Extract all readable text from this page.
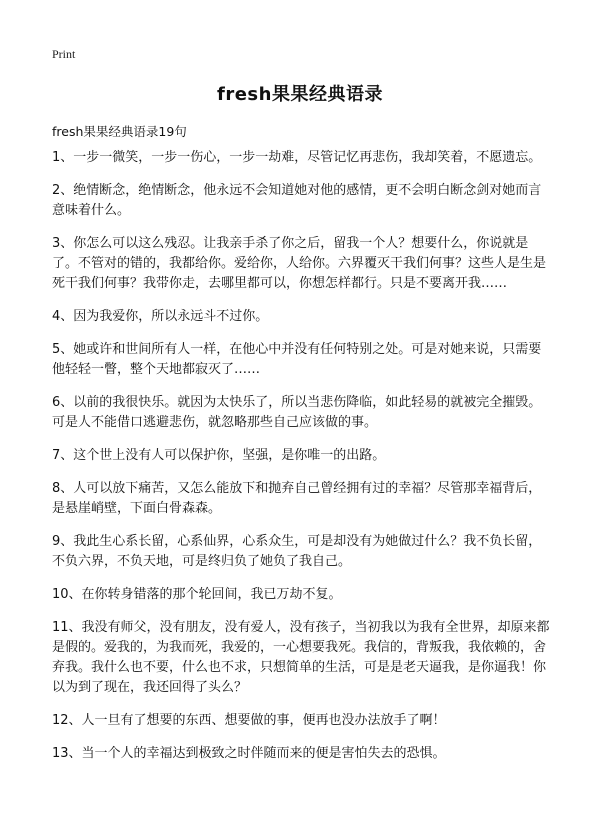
Print
fresh果果经典语录
fresh果果经典语录19句
1、一步一微笑，一步一伤心，一步一劫难，尽管记忆再悲伤，我却笑着，不愿遗忘。
2、绝情断念，绝情断念，他永远不会知道她对他的感情，更不会明白断念剑对她而言意味着什么。
3、你怎么可以这么残忍。让我亲手杀了你之后，留我一个人？想要什么，你说就是了。不管对的错的，我都给你。爱给你，人给你。六界覆灭干我们何事？这些人是生是死干我们何事？我带你走，去哪里都可以，你想怎样都行。只是不要离开我……
4、因为我爱你，所以永远斗不过你。
5、她或许和世间所有人一样，在他心中并没有任何特别之处。可是对她来说，只需要他轻轻一瞥，整个天地都寂灭了……
6、以前的我很快乐。就因为太快乐了，所以当悲伤降临，如此轻易的就被完全摧毁。可是人不能借口逃避悲伤，就忽略那些自己应该做的事。
7、这个世上没有人可以保护你，坚强，是你唯一的出路。
8、人可以放下痛苦，又怎么能放下和抛弃自己曾经拥有过的幸福？尽管那幸福背后，是悬崖峭壁，下面白骨森森。
9、我此生心系长留，心系仙界，心系众生，可是却没有为她做过什么？我不负长留，不负六界，不负天地，可是终归负了她负了我自己。
10、在你转身错落的那个轮回间，我已万劫不复。
11、我没有师父，没有朋友，没有爱人，没有孩子，当初我以为我有全世界，却原来都是假的。爱我的，为我而死，我爱的，一心想要我死。我信的，背叛我，我依赖的，舍弃我。我什么也不要，什么也不求，只想简单的生活，可是是老天逼我，是你逼我！你以为到了现在，我还回得了头么？
12、人一旦有了想要的东西、想要做的事，便再也没办法放手了啊！
13、当一个人的幸福达到极致之时伴随而来的便是害怕失去的恐惧。
